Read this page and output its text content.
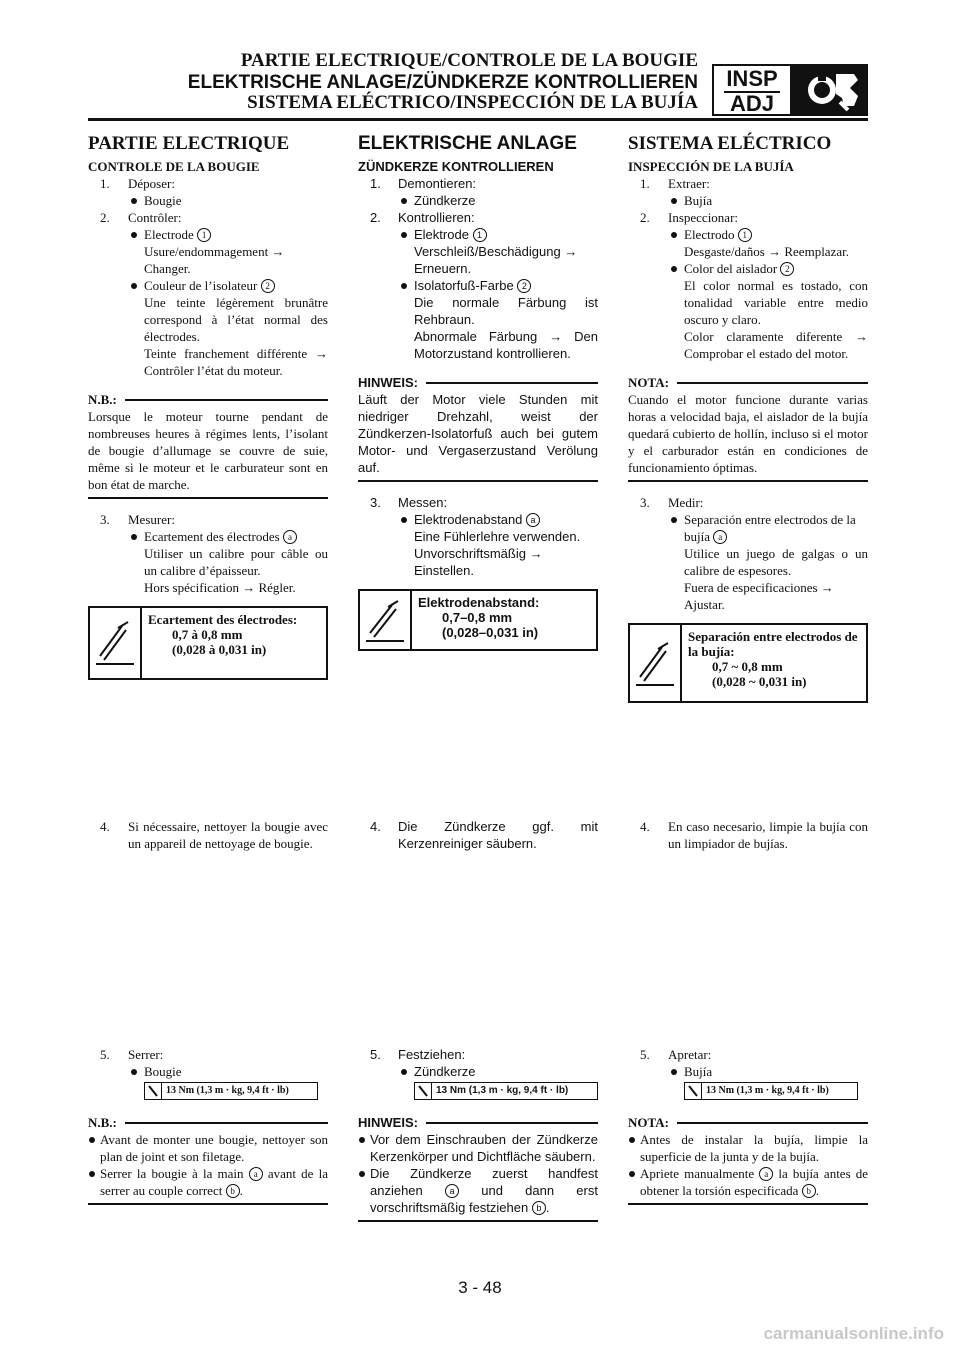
PARTIE ELECTRIQUE/CONTROLE DE LA BOUGIE
ELEKTRISCHE ANLAGE/ZÜNDKERZE KONTROLLIEREN
SISTEMA ELÉCTRICO/INSPECCIÓN DE LA BUJÍA
INSP
ADJ
PARTIE ELECTRIQUE
CONTROLE DE LA BOUGIE
1. Déposer:
Bougie
2. Contrôler:
Electrode 1
Usure/endommagement → Changer.
Couleur de l’isolateur 2
Une teinte légèrement brunâtre correspond à l’état normal des électrodes.
Teinte franchement différente → Contrôler l’état du moteur.
N.B.:
Lorsque le moteur tourne pendant de nombreuses heures à régimes lents, l’isolant de bougie d’allumage se couvre de suie, même si le moteur et le carburateur sont en bon état de marche.
3. Mesurer:
Ecartement des électrodes a
Utiliser un calibre pour câble ou un calibre d’épaisseur.
Hors spécification → Régler.
Ecartement des électrodes:
0,7 à 0,8 mm
(0,028 à 0,031 in)
4. Si nécessaire, nettoyer la bougie avec un appareil de nettoyage de bougie.
5. Serrer:
Bougie
13 Nm (1,3 m · kg, 9,4 ft · lb)
N.B.:
Avant de monter une bougie, nettoyer son plan de joint et son filetage.
Serrer la bougie à la main a avant de la serrer au couple correct b .
ELEKTRISCHE ANLAGE
ZÜNDKERZE KONTROLLIEREN
1. Demontieren:
Zündkerze
2. Kontrollieren:
Elektrode 1
Verschleiß/Beschädigung → Erneuern.
Isolatorfuß-Farbe 2
Die normale Färbung ist Rehbraun.
Abnormale Färbung → Den Motorzustand kontrollieren.
HINWEIS:
Läuft der Motor viele Stunden mit niedriger Drehzahl, weist der Zündkerzen-Isolatorfuß auch bei gutem Motor- und Vergaserzustand Verölung auf.
3. Messen:
Elektrodenabstand a
Eine Fühlerlehre verwenden.
Unvorschriftsmäßig → Einstellen.
Elektrodenabstand:
0,7–0,8 mm
(0,028–0,031 in)
4. Die Zündkerze ggf. mit Kerzenreiniger säubern.
5. Festziehen:
Zündkerze
13 Nm (1,3 m · kg, 9,4 ft · lb)
HINWEIS:
Vor dem Einschrauben der Zündkerze Kerzenkörper und Dichtfläche säubern.
Die Zündkerze zuerst handfest anziehen	a und dann erst vorschriftsmäßig festziehen b .
SISTEMA ELÉCTRICO
INSPECCIÓN DE LA BUJÍA
1. Extraer:
Bujía
2. Inspeccionar:
Electrodo 1
Desgaste/daños → Reemplazar.
Color del aislador 2
El color normal es tostado, con tonalidad variable entre medio oscuro y claro.
Color claramente diferente → Comprobar el estado del motor.
NOTA:
Cuando el motor funcione durante varias horas a velocidad baja, el aislador de la bujía quedará cubierto de hollín, incluso si el motor y el carburador están en condiciones de funcionamiento óptimas.
3. Medir:
Separación entre electrodos de la bujía a
Utilice un juego de galgas o un calibre de espesores.
Fuera de especificaciones → Ajustar.
Separación entre electrodos de la bujía:
0,7 ~ 0,8 mm
(0,028 ~ 0,031 in)
4. En caso necesario, limpie la bujía con un limpiador de bujías.
5. Apretar:
Bujía
13 Nm (1,3 m · kg, 9,4 ft · lb)
NOTA:
Antes de instalar la bujía, limpie la superficie de la junta y de la bujía.
Apriete manualmente a la bujía antes de obtener la torsión especificada b .
3 - 48
carmanualsonline.info
